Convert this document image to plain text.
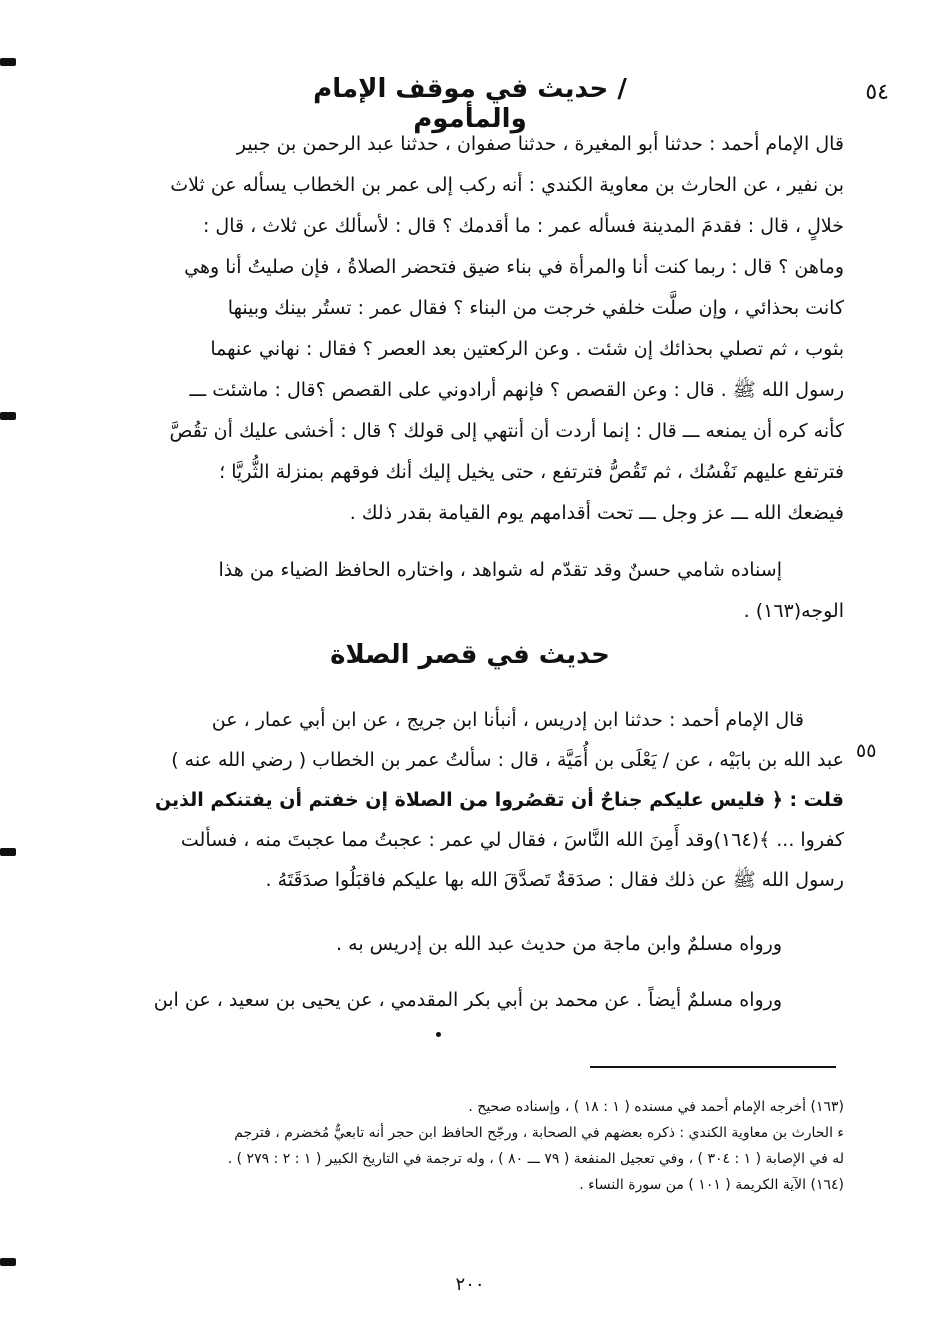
٥٤
/ حديث في موقف الإمام والمأموم
قال الإمام أحمد : حدثنا أبو المغيرة ، حدثنا صفوان ، حدثنا عبد الرحمن بن جبير
بن نفير ، عن الحارث بن معاوية الكندي : أنه ركب إلى عمر بن الخطاب يسأله عن ثلاث
خلالٍ ، قال : فقدمَ المدينة فسأله عمر : ما أقدمك ؟ قال : لأسألك عن ثلاث ، قال :
وماهن ؟ قال : ربما كنت أنا والمرأة في بناء ضيق فتحضر الصلاةُ ، فإن صليتُ أنا وهي
كانت بحذائي ، وإن صلَّت خلفي خرجت من البناء ؟ فقال عمر : تستُر بينك وبينها
بثوب ، ثم تصلي بحذائك إن شئت . وعن الركعتين بعد العصر ؟ فقال : نهاني عنهما
رسول الله ﷺ . قال : وعن القصص ؟ فإنهم أرادوني على القصص ؟قال : ماشئت ـــ
كأنه كره أن يمنعه ـــ قال : إنما أردت أن أنتهي إلى قولك ؟ قال : أخشى عليك أن تقُصَّ
فترتفع عليهم نَفْسُك ، ثم تَقُصُّ فترتفع ، حتى يخيل إليك أنك فوقهم بمنزلة الثُّريَّا ؛
فيضعك الله ـــ عز وجل ـــ تحت أقدامهم يوم القيامة بقدر ذلك .
إسناده شامي حسنٌ وقد تقدّم له شواهد ، واختاره الحافظ الضياء من هذا
الوجه(١٦٣) .
حديث في قصر الصلاة
٥٥
قال الإمام أحمد : حدثنا ابن إدريس ، أنبأنا ابن جريج ، عن ابن أبي عمار ، عن
عبد الله بن بابَيْه ، عن / يَعْلَى بن أُمَيَّة ، قال : سألتُ عمر بن الخطاب ( رضي الله عنه )
قلت : ﴿ فليس عليكم جناحٌ أن تقصُروا من الصلاة إن خفتم أن يفتنكم الذين
كفروا ... ﴾(١٦٤)وقد أَمِنَ الله النَّاسَ ، فقال لي عمر : عجبتُ مما عجبتَ منه ، فسألت
رسول الله ﷺ عن ذلك فقال : صدَقةٌ تَصدَّقَ الله بها عليكم فاقبَلُوا صدَقَتَهُ .
ورواه مسلمٌ وابن ماجة من حديث عبد الله بن إدريس به .
ورواه مسلمٌ أيضاً . عن محمد بن أبي بكر المقدمي ، عن يحيى بن سعيد ، عن ابن
(١٦٣) أخرجه الإمام أحمد في مسنده ( ١ : ١٨ ) ، وإسناده صحيح .
ء الحارث بن معاوية الكندي : ذكره بعضهم في الصحابة ، ورجّح الحافظ ابن حجر أنه تابعيٌّ مُخضرم ، فترجم
له في الإصابة ( ١ : ٣٠٤ ) ، وفي تعجيل المنفعة ( ٧٩ ـــ ٨٠ ) ، وله ترجمة في التاريخ الكبير ( ١ : ٢ : ٢٧٩ ) .
(١٦٤) الآية الكريمة ( ١٠١ ) من سورة النساء .
٢٠٠
